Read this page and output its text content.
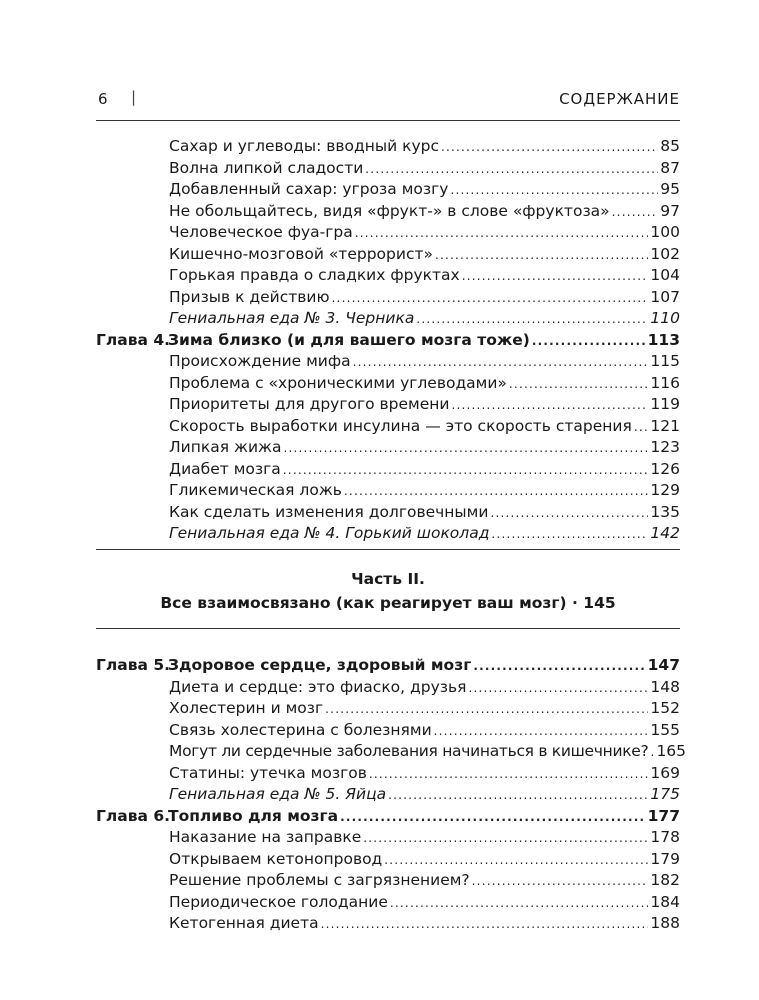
6 |	СОДЕРЖАНИЕ
Сахар и углеводы: вводный курс .....	85
Волна липкой сладости .....	87
Добавленный сахар: угроза мозгу .....	95
Не обольщайтесь, видя «фрукт-» в слове «фруктоза» .....	97
Человеческое фуа-гра .....	100
Кишечно-мозговой «террорист» .....	102
Горькая правда о сладких фруктах .....	104
Призыв к действию .....	107
Гениальная еда № 3. Черника .....	110
Глава 4.
Зима близко (и для вашего мозга тоже) .....	113
Происхождение мифа .....	115
Проблема с «хроническими углеводами» .....	116
Приоритеты для другого времени .....	119
Скорость выработки инсулина — это скорость старения ..... 121
Липкая жижа .....	123
Диабет мозга .....	126
Гликемическая ложь .....	129
Как сделать изменения долговечными .....	135
Гениальная еда № 4. Горький шоколад .....	142
Часть II.
Все взаимосвязано (как реагирует ваш мозг) · 145
Глава 5.
Здоровое сердце, здоровый мозг .....	147
Диета и сердце: это фиаско, друзья .....	148
Холестерин и мозг .....	152
Связь холестерина с болезнями .....	155
Могут ли сердечные заболевания начинаться в кишечнике? ..... 165
Статины: утечка мозгов .....	169
Гениальная еда № 5. Яйца .....	175
Глава 6.
Топливо для мозга .....	177
Наказание на заправке .....	178
Открываем кетонопровод .....	179
Решение проблемы с загрязнением? .....	182
Периодическое голодание .....	184
Кетогенная диета .....	188
